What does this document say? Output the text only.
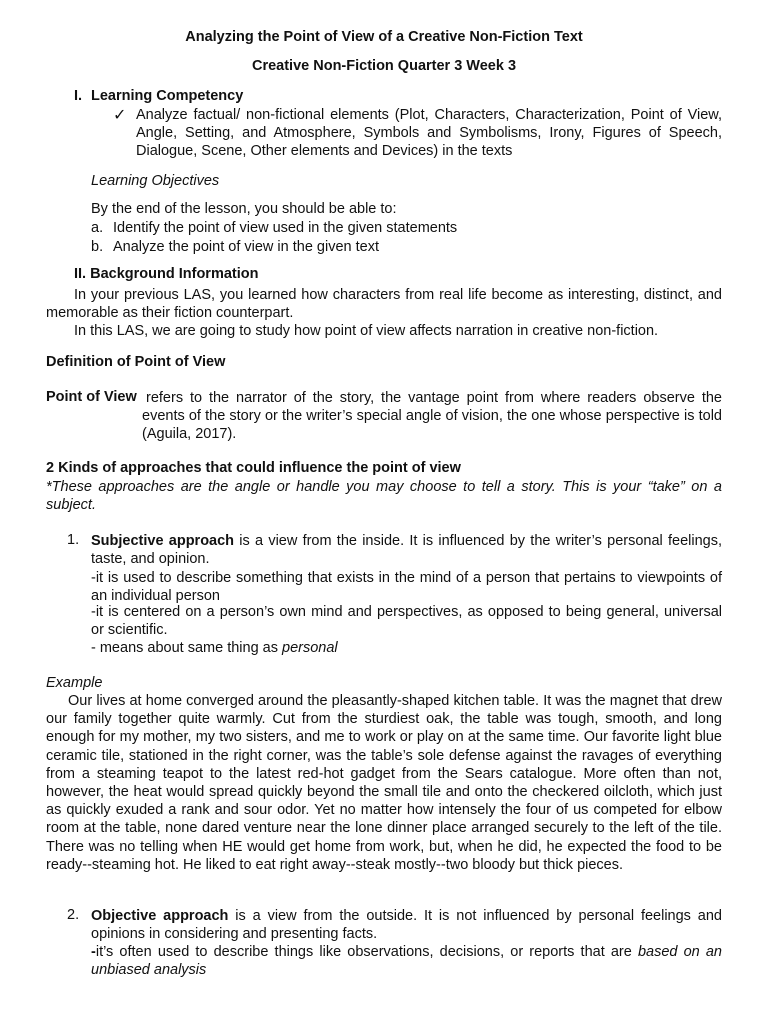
Analyzing the Point of View of a Creative Non-Fiction Text
Creative Non-Fiction Quarter 3 Week 3
I. Learning Competency
✓ Analyze factual/ non-fictional elements (Plot, Characters, Characterization, Point of View, Angle, Setting, and Atmosphere, Symbols and Symbolisms, Irony, Figures of Speech, Dialogue, Scene, Other elements and Devices) in the texts
Learning Objectives
By the end of the lesson, you should be able to:
a. Identify the point of view used in the given statements
b. Analyze the point of view in the given text
II. Background Information
In your previous LAS, you learned how characters from real life become as interesting, distinct, and memorable as their fiction counterpart.
In this LAS, we are going to study how point of view affects narration in creative non-fiction.
Definition of Point of View
Point of View refers to the narrator of the story, the vantage point from where readers observe the events of the story or the writer’s special angle of vision, the one whose perspective is told (Aguila, 2017).
2 Kinds of approaches that could influence the point of view
*These approaches are the angle or handle you may choose to tell a story. This is your “take” on a subject.
1. Subjective approach is a view from the inside. It is influenced by the writer’s personal feelings, taste, and opinion.
-it is used to describe something that exists in the mind of a person that pertains to viewpoints of an individual person
-it is centered on a person’s own mind and perspectives, as opposed to being general, universal or scientific.
- means about same thing as personal
Example
Our lives at home converged around the pleasantly-shaped kitchen table. It was the magnet that drew our family together quite warmly. Cut from the sturdiest oak, the table was tough, smooth, and long enough for my mother, my two sisters, and me to work or play on at the same time. Our favorite light blue ceramic tile, stationed in the right corner, was the table’s sole defense against the ravages of everything from a steaming teapot to the latest red-hot gadget from the Sears catalogue. More often than not, however, the heat would spread quickly beyond the small tile and onto the checkered oilcloth, which just as quickly exuded a rank and sour odor. Yet no matter how intensely the four of us competed for elbow room at the table, none dared venture near the lone dinner place arranged securely to the left of the tile. There was no telling when HE would get home from work, but, when he did, he expected the food to be ready--steaming hot. He liked to eat right away--steak mostly--two bloody but thick pieces.
2. Objective approach is a view from the outside. It is not influenced by personal feelings and opinions in considering and presenting facts.
-it’s often used to describe things like observations, decisions, or reports that are based on an unbiased analysis
